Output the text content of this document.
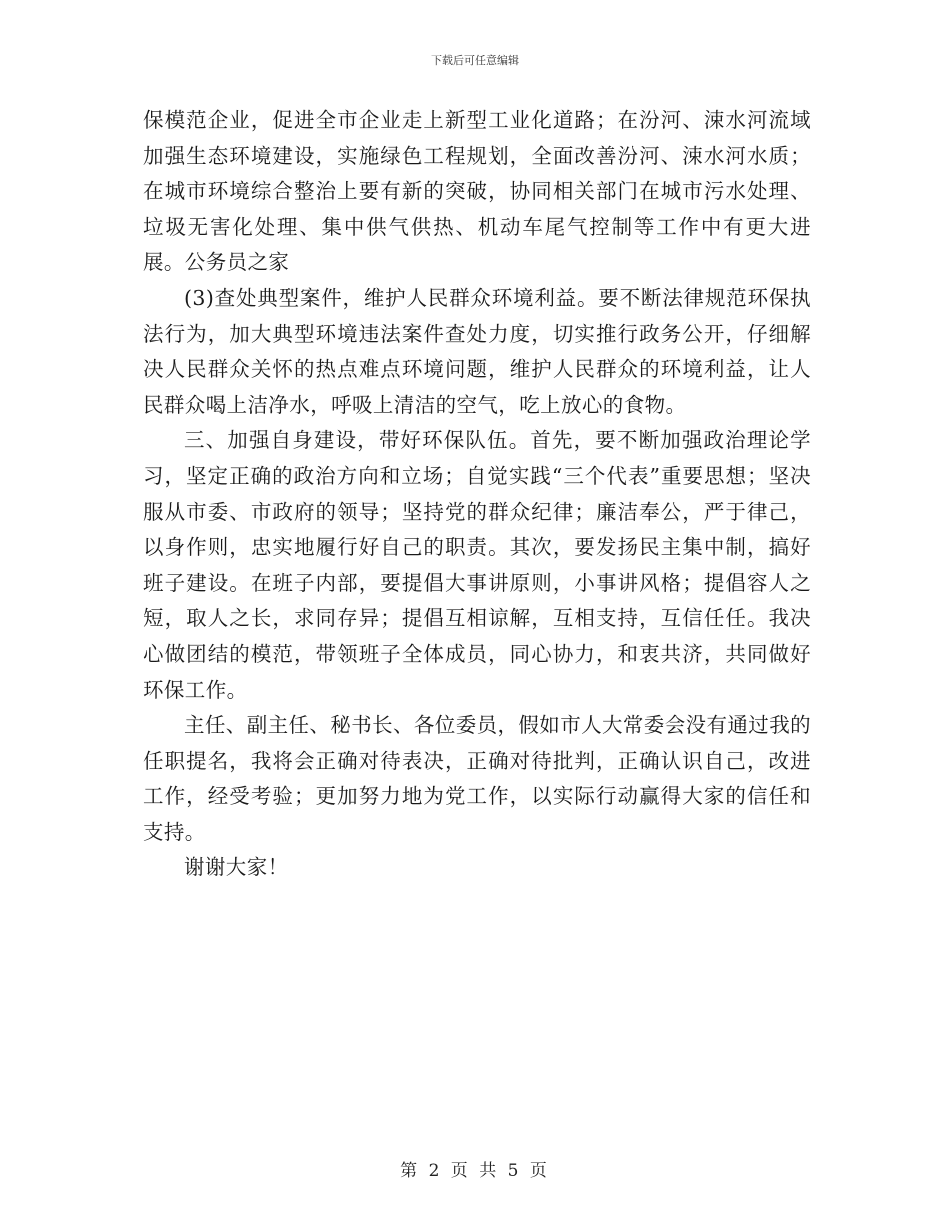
下载后可任意编辑

保模范企业，促进全市企业走上新型工业化道路；在汾河、涑水河流域加强生态环境建设，实施绿色工程规划，全面改善汾河、涑水河水质；在城市环境综合整治上要有新的突破，协同相关部门在城市污水处理、垃圾无害化处理、集中供气供热、机动车尾气控制等工作中有更大进展。公务员之家

(3)查处典型案件，维护人民群众环境利益。要不断法律规范环保执法行为，加大典型环境违法案件查处力度，切实推行政务公开，仔细解决人民群众关怀的热点难点环境问题，维护人民群众的环境利益，让人民群众喝上洁净水，呼吸上清洁的空气，吃上放心的食物。

三、加强自身建设，带好环保队伍。首先，要不断加强政治理论学习，坚定正确的政治方向和立场；自觉实践“三个代表”重要思想；坚决服从市委、市政府的领导；坚持党的群众纪律；廉洁奉公，严于律己，以身作则，忠实地履行好自己的职责。其次，要发扬民主集中制，搞好班子建设。在班子内部，要提倡大事讲原则，小事讲风格；提倡容人之短，取人之长，求同存异；提倡互相谅解，互相支持，互信任任。我决心做团结的模范，带领班子全体成员，同心协力，和衷共济，共同做好环保工作。

主任、副主任、秘书长、各位委员，假如市人大常委会没有通过我的任职提名，我将会正确对待表决，正确对待批判，正确认识自己，改进工作，经受考验；更加努力地为党工作，以实际行动赢得大家的信任和支持。

谢谢大家！

第 2 页 共 5 页
